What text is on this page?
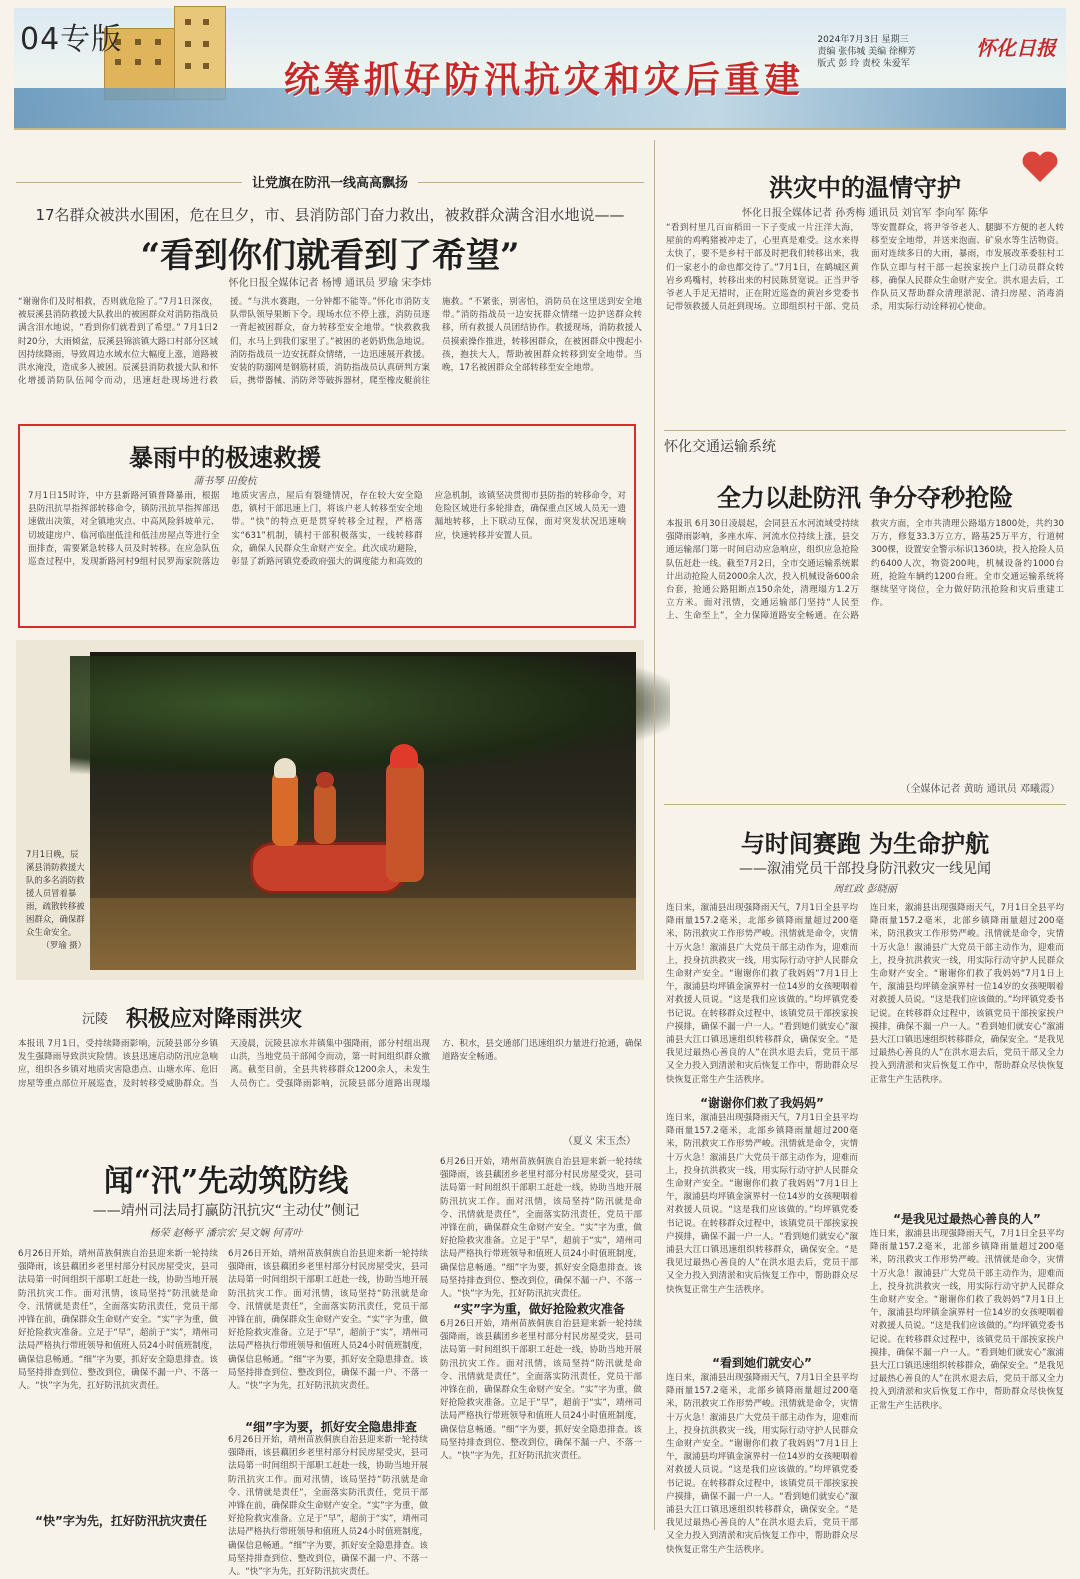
04专版
统筹抓好防汛抗灾和灾后重建
2024年7月3日 星期三
责编 张伟城 美编 徐柳芳
版式 彭 玲 责校 朱爱军
怀化日报
让党旗在防汛一线高高飘扬
17名群众被洪水围困，危在旦夕，市、县消防部门奋力救出，被救群众满含泪水地说——
“看到你们就看到了希望”
怀化日报全媒体记者 杨博 通讯员 罗瑜 宋李炜
“谢谢你们及时相救，否则就危险了。”7月1日深夜，被辰溪县消防救援大队救出的被困群众对消防指战员满含泪水地说，“看到你们就看到了希望。” 7月1日2时20分，大雨倾盆，辰溪县锦滨镇大路口村部分区域因持续降雨，导致周边水域水位大幅度上涨，道路被洪水淹没，造成多人被困。辰溪县消防救援大队和怀化增援消防队伍闻令而动，迅速赶赴现场进行救援。“与洪水赛跑，一分钟都不能等。”怀化市消防支队带队领导果断下令。现场水位不停上涨，消防员逐一背起被困群众，奋力转移至安全地带。“快救救我们，水马上到我们家里了。”被困的老奶奶焦急地说。消防指战员一边安抚群众情绪，一边迅速展开救援。安装的防溺网是钢筋材质，消防指战员认真研判方案后，携带器械、消防斧等破拆器材，爬至橡皮艇前往施救。“不紧张，别害怕，消防员在这里送到安全地带。”消防指战员一边安抚群众情绪一边护送群众转移，所有救援人员团结协作。救援现场，消防救援人员摸索操作推进，转移困群众，在被困群众中搜起小孩，抱扶大人，帮助被困群众转移到安全地带。当晚，17名被困群众全部转移至安全地带。
暴雨中的极速救援
蒲书琴 田俊杭
7月1日15时许，中方县新路河镇普降暴雨，根据县防汛抗旱指挥部转移命令，镇防汛抗旱指挥部迅速做出决策，对全镇地灾点、中高风险斜坡单元、切坡建房户、临河临崖低洼和低洼房屋点等进行全面排查，需要紧急转移人员及时转移。在应急队伍巡查过程中，发现新路河村9组村民罗海家院落边地质灾害点，屋后有裂缝情况，存在较大安全隐患，镇村干部迅速上门，将该户老人转移至安全地带。“快”的特点更是贯穿转移全过程，严格落实“631”机制，镇村干部积极落实，一线转移群众，确保人民群众生命财产安全。此次成功避险，彰显了新路河镇党委政府强大的调度能力和高效的应急机制，该镇坚决贯彻市县防指的转移命令，对危险区域进行多轮排查，确保重点区域人员无一遗漏地转移，上下联动互保，面对突发状况迅速响应，快速转移并安置人员。
7月1日晚，辰溪县消防救援大队的多名消防救援人员冒着暴雨，疏散转移被困群众，确保群众生命安全。
（罗瑜 摄）
沅陵 积极应对降雨洪灾
本报讯 7月1日，受持续降雨影响，沅陵县部分乡镇发生强降雨导致洪灾险情。该县迅速启动防汛应急响应，组织各乡镇对地质灾害隐患点、山塘水库、危旧房屋等重点部位开展巡查，及时转移受威胁群众。当天凌晨，沅陵县凉水井镇集中强降雨，部分村组出现山洪，当地党员干部闻令而动，第一时间组织群众撤离。截至目前，全县共转移群众1200余人，未发生人员伤亡。受强降雨影响，沅陵县部分道路出现塌方、积水，县交通部门迅速组织力量进行抢通，确保道路安全畅通。
（夏义 宋玉杰）
闻“汛”先动筑防线
——靖州司法局打赢防汛抗灾“主动仗”侧记
杨荣 赵畅平 潘宗宏 吴文娴 何青叶
6月26日开始，靖州苗族侗族自治县迎来新一轮持续强降雨，该县藕团乡老里村部分村民房屋受灾，县司法局第一时间组织干部职工赶赴一线，协助当地开展防汛抗灾工作。面对汛情，该局坚持“防汛就是命令、汛情就是责任”，全面落实防汛责任，党员干部冲锋在前，确保群众生命财产安全。“实”字为重，做好抢险救灾准备。立足于“早”，超前于“实”，靖州司法局严格执行带班领导和值班人员24小时值班制度，确保信息畅通。“细”字为要，抓好安全隐患排查。该局坚持排查到位、整改到位，确保不漏一户、不落一人。“快”字为先，扛好防汛抗灾责任。
“实”字为重，做好抢险救灾准备
“细”字为要，抓好安全隐患排查
“快”字为先，扛好防汛抗灾责任
6月26日开始，靖州苗族侗族自治县迎来新一轮持续强降雨，该县藕团乡老里村部分村民房屋受灾，县司法局第一时间组织干部职工赶赴一线，协助当地开展防汛抗灾工作。面对汛情，该局坚持“防汛就是命令、汛情就是责任”，全面落实防汛责任，党员干部冲锋在前，确保群众生命财产安全。“实”字为重，做好抢险救灾准备。立足于“早”，超前于“实”，靖州司法局严格执行带班领导和值班人员24小时值班制度，确保信息畅通。“细”字为要，抓好安全隐患排查。该局坚持排查到位、整改到位，确保不漏一户、不落一人。“快”字为先，扛好防汛抗灾责任。
6月26日开始，靖州苗族侗族自治县迎来新一轮持续强降雨，该县藕团乡老里村部分村民房屋受灾，县司法局第一时间组织干部职工赶赴一线，协助当地开展防汛抗灾工作。面对汛情，该局坚持“防汛就是命令、汛情就是责任”，全面落实防汛责任，党员干部冲锋在前，确保群众生命财产安全。“实”字为重，做好抢险救灾准备。立足于“早”，超前于“实”，靖州司法局严格执行带班领导和值班人员24小时值班制度，确保信息畅通。“细”字为要，抓好安全隐患排查。该局坚持排查到位、整改到位，确保不漏一户、不落一人。“快”字为先，扛好防汛抗灾责任。
6月26日开始，靖州苗族侗族自治县迎来新一轮持续强降雨，该县藕团乡老里村部分村民房屋受灾，县司法局第一时间组织干部职工赶赴一线，协助当地开展防汛抗灾工作。面对汛情，该局坚持“防汛就是命令、汛情就是责任”，全面落实防汛责任，党员干部冲锋在前，确保群众生命财产安全。“实”字为重，做好抢险救灾准备。立足于“早”，超前于“实”，靖州司法局严格执行带班领导和值班人员24小时值班制度，确保信息畅通。“细”字为要，抓好安全隐患排查。该局坚持排查到位、整改到位，确保不漏一户、不落一人。“快”字为先，扛好防汛抗灾责任。
6月26日开始，靖州苗族侗族自治县迎来新一轮持续强降雨，该县藕团乡老里村部分村民房屋受灾，县司法局第一时间组织干部职工赶赴一线，协助当地开展防汛抗灾工作。面对汛情，该局坚持“防汛就是命令、汛情就是责任”，全面落实防汛责任，党员干部冲锋在前，确保群众生命财产安全。“实”字为重，做好抢险救灾准备。立足于“早”，超前于“实”，靖州司法局严格执行带班领导和值班人员24小时值班制度，确保信息畅通。“细”字为要，抓好安全隐患排查。该局坚持排查到位、整改到位，确保不漏一户、不落一人。“快”字为先，扛好防汛抗灾责任。
洪灾中的温情守护
怀化日报全媒体记者 孙秀梅 通讯员 刘官军 李向军 陈华
“看到村里几百亩稻田一下子变成一片汪洋大海，屋前的鸡鸭猪被冲走了，心里真是难受。这水来得太快了，要不是乡村干部及时把我们转移出来，我们一家老小的命也都交待了。”7月1日，在鹤城区黄岩乡鸡嘴村，转移出来的村民陈贤宽说。正当尹爷爷老人手足无措时，正在附近巡查的黄岩乡党委书记带领救援人员赶到现场。立即组织村干部、党员等安置群众，将尹爷爷老人、腿脚不方便的老人转移至安全地带，并送来泡面、矿泉水等生活物资。面对连续多日的大雨，暴雨，市发展改革委驻村工作队立即与村干部一起挨家挨户上门动员群众转移，确保人民群众生命财产安全。洪水退去后，工作队员又帮助群众清理淤泥、清扫房屋、消毒消杀，用实际行动诠释初心使命。
怀化交通运输系统
全力以赴防汛 争分夺秒抢险
本报讯 6月30日凌晨起，会同县五水河流域受持续强降雨影响，多座水库、河流水位持续上涨，县交通运输部门第一时间启动应急响应，组织应急抢险队伍赶赴一线。截至7月2日，全市交通运输系统累计出动抢险人员2000余人次，投入机械设备600余台套，抢通公路阻断点150余处，清理塌方1.2万立方米。面对汛情，交通运输部门坚持“人民至上、生命至上”，全力保障道路安全畅通。在公路救灾方面，全市共清理公路塌方1800处，共约30万方，修复33.3万立方，路基25万平方，行道树300棵，设置安全警示标识1360块，投入抢险人员约6400人次，物资200吨，机械设备约1000台班，抢险车辆约1200台班。全市交通运输系统将继续坚守岗位，全力做好防汛抢险和灾后重建工作。
（全媒体记者 黄昉 通讯员 邓曦霞）
与时间赛跑 为生命护航
——溆浦党员干部投身防汛救灾一线见闻
周红政 彭晓丽
连日来，溆浦县出现强降雨天气，7月1日全县平均降雨量157.2毫米，北部乡镇降雨量超过200毫米，防汛救灾工作形势严峻。汛情就是命令，灾情十万火急！溆浦县广大党员干部主动作为，迎难而上，投身抗洪救灾一线，用实际行动守护人民群众生命财产安全。“谢谢你们救了我妈妈”7月1日上午，溆浦县均坪镇金演界村一位14岁的女孩哽咽着对救援人员说。“这是我们应该做的。”均坪镇党委书记说。在转移群众过程中，该镇党员干部挨家挨户摸排，确保不漏一户一人。“看到她们就安心”溆浦县大江口镇迅速组织转移群众，确保安全。“是我见过最热心善良的人”在洪水退去后，党员干部又全力投入到清淤和灾后恢复工作中，帮助群众尽快恢复正常生产生活秩序。
“谢谢你们救了我妈妈”
连日来，溆浦县出现强降雨天气，7月1日全县平均降雨量157.2毫米，北部乡镇降雨量超过200毫米，防汛救灾工作形势严峻。汛情就是命令，灾情十万火急！溆浦县广大党员干部主动作为，迎难而上，投身抗洪救灾一线，用实际行动守护人民群众生命财产安全。“谢谢你们救了我妈妈”7月1日上午，溆浦县均坪镇金演界村一位14岁的女孩哽咽着对救援人员说。“这是我们应该做的。”均坪镇党委书记说。在转移群众过程中，该镇党员干部挨家挨户摸排，确保不漏一户一人。“看到她们就安心”溆浦县大江口镇迅速组织转移群众，确保安全。“是我见过最热心善良的人”在洪水退去后，党员干部又全力投入到清淤和灾后恢复工作中，帮助群众尽快恢复正常生产生活秩序。
“看到她们就安心”
连日来，溆浦县出现强降雨天气，7月1日全县平均降雨量157.2毫米，北部乡镇降雨量超过200毫米，防汛救灾工作形势严峻。汛情就是命令，灾情十万火急！溆浦县广大党员干部主动作为，迎难而上，投身抗洪救灾一线，用实际行动守护人民群众生命财产安全。“谢谢你们救了我妈妈”7月1日上午，溆浦县均坪镇金演界村一位14岁的女孩哽咽着对救援人员说。“这是我们应该做的。”均坪镇党委书记说。在转移群众过程中，该镇党员干部挨家挨户摸排，确保不漏一户一人。“看到她们就安心”溆浦县大江口镇迅速组织转移群众，确保安全。“是我见过最热心善良的人”在洪水退去后，党员干部又全力投入到清淤和灾后恢复工作中，帮助群众尽快恢复正常生产生活秩序。
连日来，溆浦县出现强降雨天气，7月1日全县平均降雨量157.2毫米，北部乡镇降雨量超过200毫米，防汛救灾工作形势严峻。汛情就是命令，灾情十万火急！溆浦县广大党员干部主动作为，迎难而上，投身抗洪救灾一线，用实际行动守护人民群众生命财产安全。“谢谢你们救了我妈妈”7月1日上午，溆浦县均坪镇金演界村一位14岁的女孩哽咽着对救援人员说。“这是我们应该做的。”均坪镇党委书记说。在转移群众过程中，该镇党员干部挨家挨户摸排，确保不漏一户一人。“看到她们就安心”溆浦县大江口镇迅速组织转移群众，确保安全。“是我见过最热心善良的人”在洪水退去后，党员干部又全力投入到清淤和灾后恢复工作中，帮助群众尽快恢复正常生产生活秩序。
“是我见过最热心善良的人”
连日来，溆浦县出现强降雨天气，7月1日全县平均降雨量157.2毫米，北部乡镇降雨量超过200毫米，防汛救灾工作形势严峻。汛情就是命令，灾情十万火急！溆浦县广大党员干部主动作为，迎难而上，投身抗洪救灾一线，用实际行动守护人民群众生命财产安全。“谢谢你们救了我妈妈”7月1日上午，溆浦县均坪镇金演界村一位14岁的女孩哽咽着对救援人员说。“这是我们应该做的。”均坪镇党委书记说。在转移群众过程中，该镇党员干部挨家挨户摸排，确保不漏一户一人。“看到她们就安心”溆浦县大江口镇迅速组织转移群众，确保安全。“是我见过最热心善良的人”在洪水退去后，党员干部又全力投入到清淤和灾后恢复工作中，帮助群众尽快恢复正常生产生活秩序。
